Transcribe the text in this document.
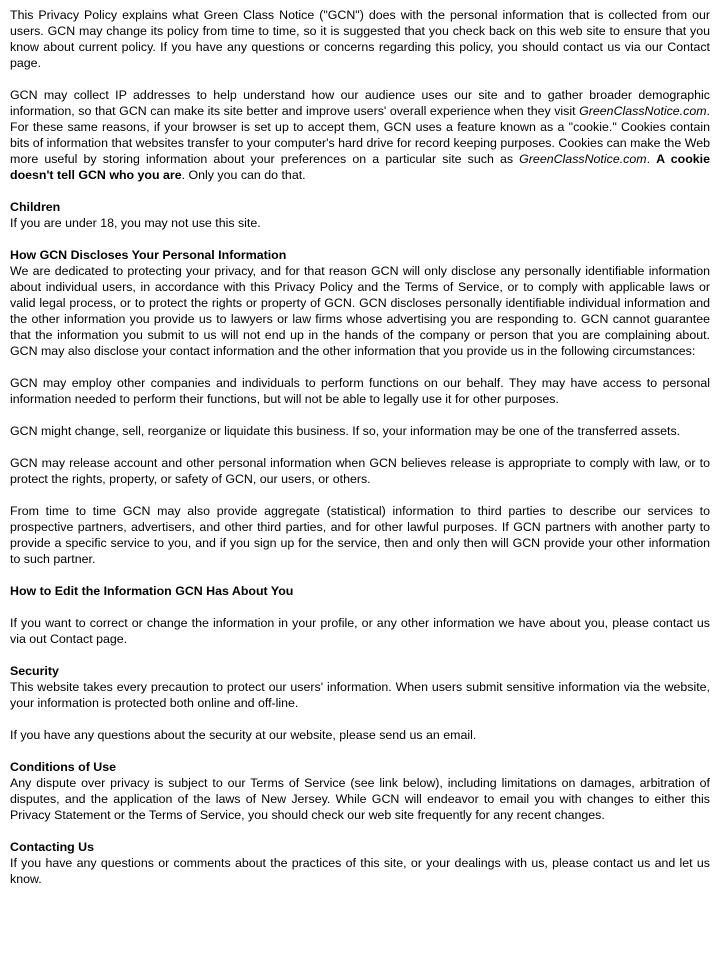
This Privacy Policy explains what Green Class Notice ("GCN") does with the personal information that is collected from our users. GCN may change its policy from time to time, so it is suggested that you check back on this web site to ensure that you know about current policy. If you have any questions or concerns regarding this policy, you should contact us via our Contact page.

GCN may collect IP addresses to help understand how our audience uses our site and to gather broader demographic information, so that GCN can make its site better and improve users' overall experience when they visit GreenClassNotice.com. For these same reasons, if your browser is set up to accept them, GCN uses a feature known as a "cookie." Cookies contain bits of information that websites transfer to your computer's hard drive for record keeping purposes. Cookies can make the Web more useful by storing information about your preferences on a particular site such as GreenClassNotice.com. A cookie doesn't tell GCN who you are. Only you can do that.

Children

If you are under 18, you may not use this site.

How GCN Discloses Your Personal Information

We are dedicated to protecting your privacy, and for that reason GCN will only disclose any personally identifiable information about individual users, in accordance with this Privacy Policy and the Terms of Service, or to comply with applicable laws or valid legal process, or to protect the rights or property of GCN. GCN discloses personally identifiable individual information and the other information you provide us to lawyers or law firms whose advertising you are responding to. GCN cannot guarantee that the information you submit to us will not end up in the hands of the company or person that you are complaining about. GCN may also disclose your contact information and the other information that you provide us in the following circumstances:

GCN may employ other companies and individuals to perform functions on our behalf. They may have access to personal information needed to perform their functions, but will not be able to legally use it for other purposes.

GCN might change, sell, reorganize or liquidate this business. If so, your information may be one of the transferred assets.

GCN may release account and other personal information when GCN believes release is appropriate to comply with law, or to protect the rights, property, or safety of GCN, our users, or others.

From time to time GCN may also provide aggregate (statistical) information to third parties to describe our services to prospective partners, advertisers, and other third parties, and for other lawful purposes. If GCN partners with another party to provide a specific service to you, and if you sign up for the service, then and only then will GCN provide your other information to such partner.

How to Edit the Information GCN Has About You

If you want to correct or change the information in your profile, or any other information we have about you, please contact us via out Contact page.

Security

This website takes every precaution to protect our users' information. When users submit sensitive information via the website, your information is protected both online and off-line.

If you have any questions about the security at our website, please send us an email.

Conditions of Use

Any dispute over privacy is subject to our Terms of Service (see link below), including limitations on damages, arbitration of disputes, and the application of the laws of New Jersey. While GCN will endeavor to email you with changes to either this Privacy Statement or the Terms of Service, you should check our web site frequently for any recent changes.

Contacting Us

If you have any questions or comments about the practices of this site, or your dealings with us, please contact us and let us know.
